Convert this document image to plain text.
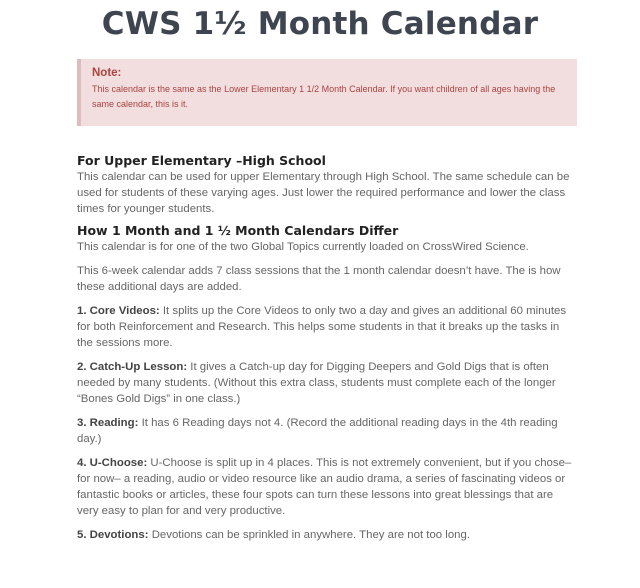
CWS 1½ Month Calendar
Note:
This calendar is the same as the Lower Elementary 1 1/2 Month Calendar. If you want children of all ages having the same calendar, this is it.
For Upper Elementary –High School

This calendar can be used for upper Elementary through High School. The same schedule can be used for students of these varying ages. Just lower the required performance and lower the class times for younger students.

How 1 Month and 1 ½ Month Calendars Differ

This calendar is for one of the two Global Topics currently loaded on CrossWired Science.

This 6-week calendar adds 7 class sessions that the 1 month calendar doesn’t have. The is how these additional days are added.

1. Core Videos: It splits up the Core Videos to only two a day and gives an additional 60 minutes for both Reinforcement and Research. This helps some students in that it breaks up the tasks in the sessions more.

2. Catch-Up Lesson: It gives a Catch-up day for Digging Deepers and Gold Digs that is often needed by many students. (Without this extra class, students must complete each of the longer “Bones Gold Digs” in one class.)

3. Reading: It has 6 Reading days not 4. (Record the additional reading days in the 4th reading day.)

4. U-Choose: U-Choose is split up in 4 places. This is not extremely convenient, but if you chose–for now– a reading, audio or video resource like an audio drama, a series of fascinating videos or fantastic books or articles, these four spots can turn these lessons into great blessings that are very easy to plan for and very productive.

5. Devotions: Devotions can be sprinkled in anywhere. They are not too long.
